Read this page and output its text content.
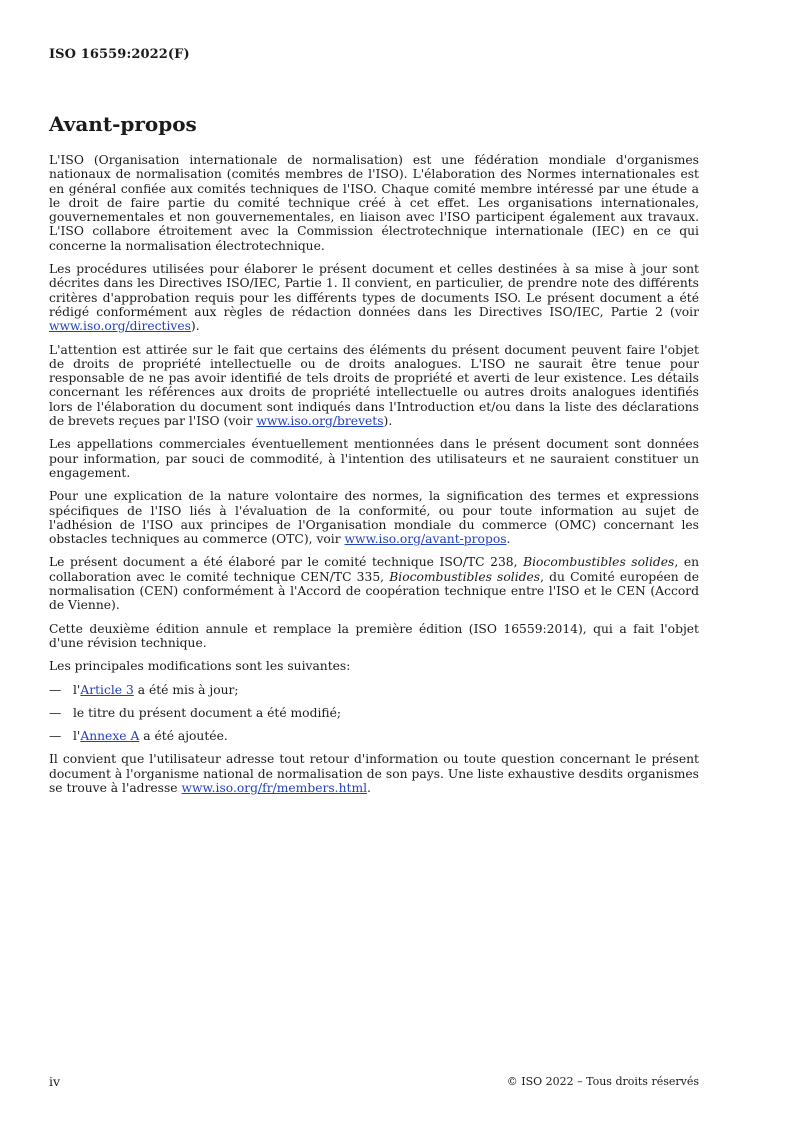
ISO 16559:2022(F)
Avant-propos

L'ISO (Organisation internationale de normalisation) est une fédération mondiale d'organismes nationaux de normalisation (comités membres de l'ISO). L'élaboration des Normes internationales est en général confiée aux comités techniques de l'ISO. Chaque comité membre intéressé par une étude a le droit de faire partie du comité technique créé à cet effet. Les organisations internationales, gouvernementales et non gouvernementales, en liaison avec l'ISO participent également aux travaux. L'ISO collabore étroitement avec la Commission électrotechnique internationale (IEC) en ce qui concerne la normalisation électrotechnique.

Les procédures utilisées pour élaborer le présent document et celles destinées à sa mise à jour sont décrites dans les Directives ISO/IEC, Partie 1. Il convient, en particulier, de prendre note des différents critères d'approbation requis pour les différents types de documents ISO. Le présent document a été rédigé conformément aux règles de rédaction données dans les Directives ISO/IEC, Partie 2 (voir www.iso.org/directives).

L'attention est attirée sur le fait que certains des éléments du présent document peuvent faire l'objet de droits de propriété intellectuelle ou de droits analogues. L'ISO ne saurait être tenue pour responsable de ne pas avoir identifié de tels droits de propriété et averti de leur existence. Les détails concernant les références aux droits de propriété intellectuelle ou autres droits analogues identifiés lors de l'élaboration du document sont indiqués dans l'Introduction et/ou dans la liste des déclarations de brevets reçues par l'ISO (voir www.iso.org/brevets).

Les appellations commerciales éventuellement mentionnées dans le présent document sont données pour information, par souci de commodité, à l'intention des utilisateurs et ne sauraient constituer un engagement.

Pour une explication de la nature volontaire des normes, la signification des termes et expressions spécifiques de l'ISO liés à l'évaluation de la conformité, ou pour toute information au sujet de l'adhésion de l'ISO aux principes de l'Organisation mondiale du commerce (OMC) concernant les obstacles techniques au commerce (OTC), voir www.iso.org/avant-propos.

Le présent document a été élaboré par le comité technique ISO/TC 238, Biocombustibles solides, en collaboration avec le comité technique CEN/TC 335, Biocombustibles solides, du Comité européen de normalisation (CEN) conformément à l'Accord de coopération technique entre l'ISO et le CEN (Accord de Vienne).

Cette deuxième édition annule et remplace la première édition (ISO 16559:2014), qui a fait l'objet d'une révision technique.

Les principales modifications sont les suivantes:

— l'Article 3 a été mis à jour;
— le titre du présent document a été modifié;
— l'Annexe A a été ajoutée.

Il convient que l'utilisateur adresse tout retour d'information ou toute question concernant le présent document à l'organisme national de normalisation de son pays. Une liste exhaustive desdits organismes se trouve à l'adresse www.iso.org/fr/members.html.

iv	© ISO 2022 – Tous droits réservés
